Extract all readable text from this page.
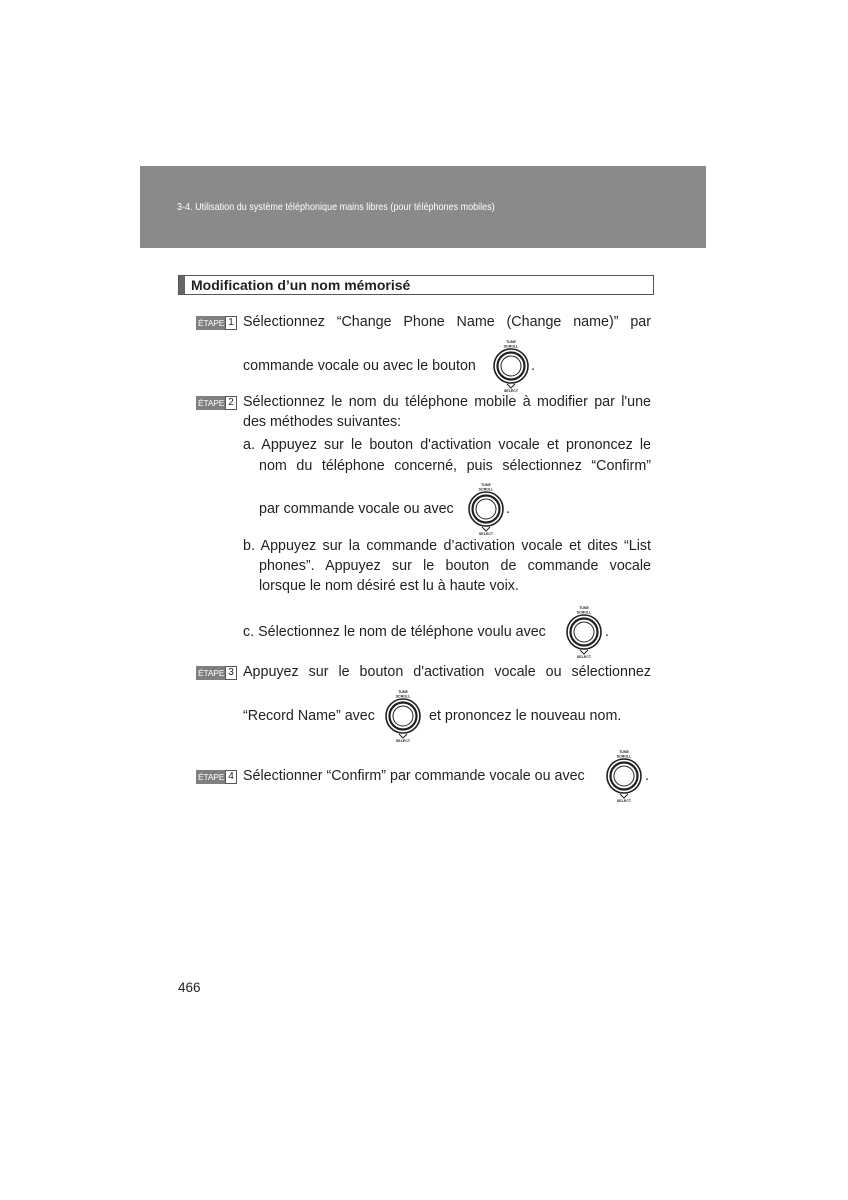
3-4. Utilisation du système téléphonique mains libres (pour téléphones mobiles)
Modification d’un nom mémorisé
ÉTAPE 1 Sélectionnez “Change Phone Name (Change name)” par
commande vocale ou avec le bouton
TUNE
SCROLL
SELECT
.
ÉTAPE 2 Sélectionnez le nom du téléphone mobile à modifier par l'une
des méthodes suivantes:
a. Appuyez sur le bouton d'activation vocale et prononcez le
nom du téléphone concerné, puis sélectionnez “Confirm”
par commande vocale ou avec
TUNE
SCROLL
SELECT
.
b. Appuyez sur la commande d’activation vocale et dites “List
phones”. Appuyez sur le bouton de commande vocale
lorsque le nom désiré est lu à haute voix.
c. Sélectionnez le nom de téléphone voulu avec
TUNE
SCROLL
SELECT
.
ÉTAPE 3 Appuyez sur le bouton d'activation vocale ou sélectionnez
“Record Name” avec
TUNE
SCROLL
SELECT
et prononcez le nouveau nom.
ÉTAPE 4 Sélectionner “Confirm” par commande vocale ou avec
TUNE
SCROLL
SELECT
.
466
